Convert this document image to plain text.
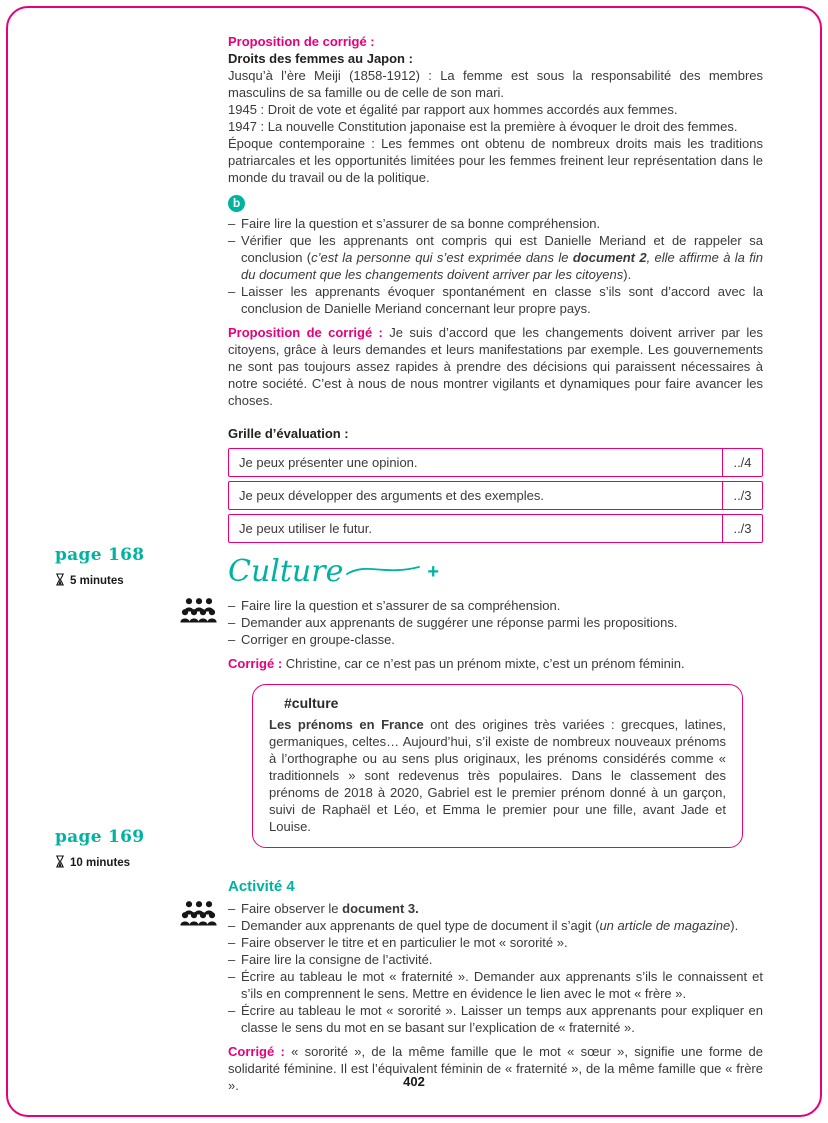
page 168
5 minutes
page 169
10 minutes

Proposition de corrigé :

Droits des femmes au Japon :

Jusqu’à l’ère Meiji (1858-1912) : La femme est sous la responsabilité des membres masculins de sa famille ou de celle de son mari.

1945 : Droit de vote et égalité par rapport aux hommes accordés aux femmes.

1947 : La nouvelle Constitution japonaise est la première à évoquer le droit des femmes.

Époque contemporaine : Les femmes ont obtenu de nombreux droits mais les traditions patriarcales et les opportunités limitées pour les femmes freinent leur représentation dans le monde du travail ou de la politique.

b
– Faire lire la question et s’assurer de sa bonne compréhension.
– Vérifier que les apprenants ont compris qui est Danielle Meriand et de rappeler sa conclusion (c’est la personne qui s’est exprimée dans le document 2, elle affirme à la fin du document que les changements doivent arriver par les citoyens).
– Laisser les apprenants évoquer spontanément en classe s’ils sont d’accord avec la conclusion de Danielle Meriand concernant leur propre pays.

Proposition de corrigé : Je suis d’accord que les changements doivent arriver par les citoyens, grâce à leurs demandes et leurs manifestations par exemple. Les gouvernements ne sont pas toujours assez rapides à prendre des décisions qui paraissent nécessaires à notre société. C’est à nous de nous montrer vigilants et dynamiques pour faire avancer les choses.

Grille d’évaluation :

Je peux présenter une opinion.	../4
Je peux développer des arguments et des exemples.	../3
Je peux utiliser le futur.	../3
Culture	+
– Faire lire la question et s’assurer de sa compréhension.
– Demander aux apprenants de suggérer une réponse parmi les propositions.
– Corriger en groupe-classe.

Corrigé : Christine, car ce n’est pas un prénom mixte, c’est un prénom féminin.

#culture

Les prénoms en France ont des origines très variées : grecques, latines, germaniques, celtes… Aujourd’hui, s’il existe de nombreux nouveaux prénoms à l’orthographe ou au sens plus originaux, les prénoms considérés comme « traditionnels » sont redevenus très populaires. Dans le classement des prénoms de 2018 à 2020, Gabriel est le premier prénom donné à un garçon, suivi de Raphaël et Léo, et Emma le premier pour une fille, avant Jade et Louise.

Activité 4

– Faire observer le document 3.
– Demander aux apprenants de quel type de document il s’agit (un article de magazine).
– Faire observer le titre et en particulier le mot « sororité ».
– Faire lire la consigne de l’activité.
– Écrire au tableau le mot « fraternité ». Demander aux apprenants s’ils le connaissent et s’ils en comprennent le sens. Mettre en évidence le lien avec le mot « frère ».
– Écrire au tableau le mot « sororité ». Laisser un temps aux apprenants pour expliquer en classe le sens du mot en se basant sur l’explication de « fraternité ».

Corrigé : « sororité », de la même famille que le mot « sœur », signifie une forme de solidarité féminine. Il est l’équivalent féminin de « fraternité », de la même famille que « frère ».	402
